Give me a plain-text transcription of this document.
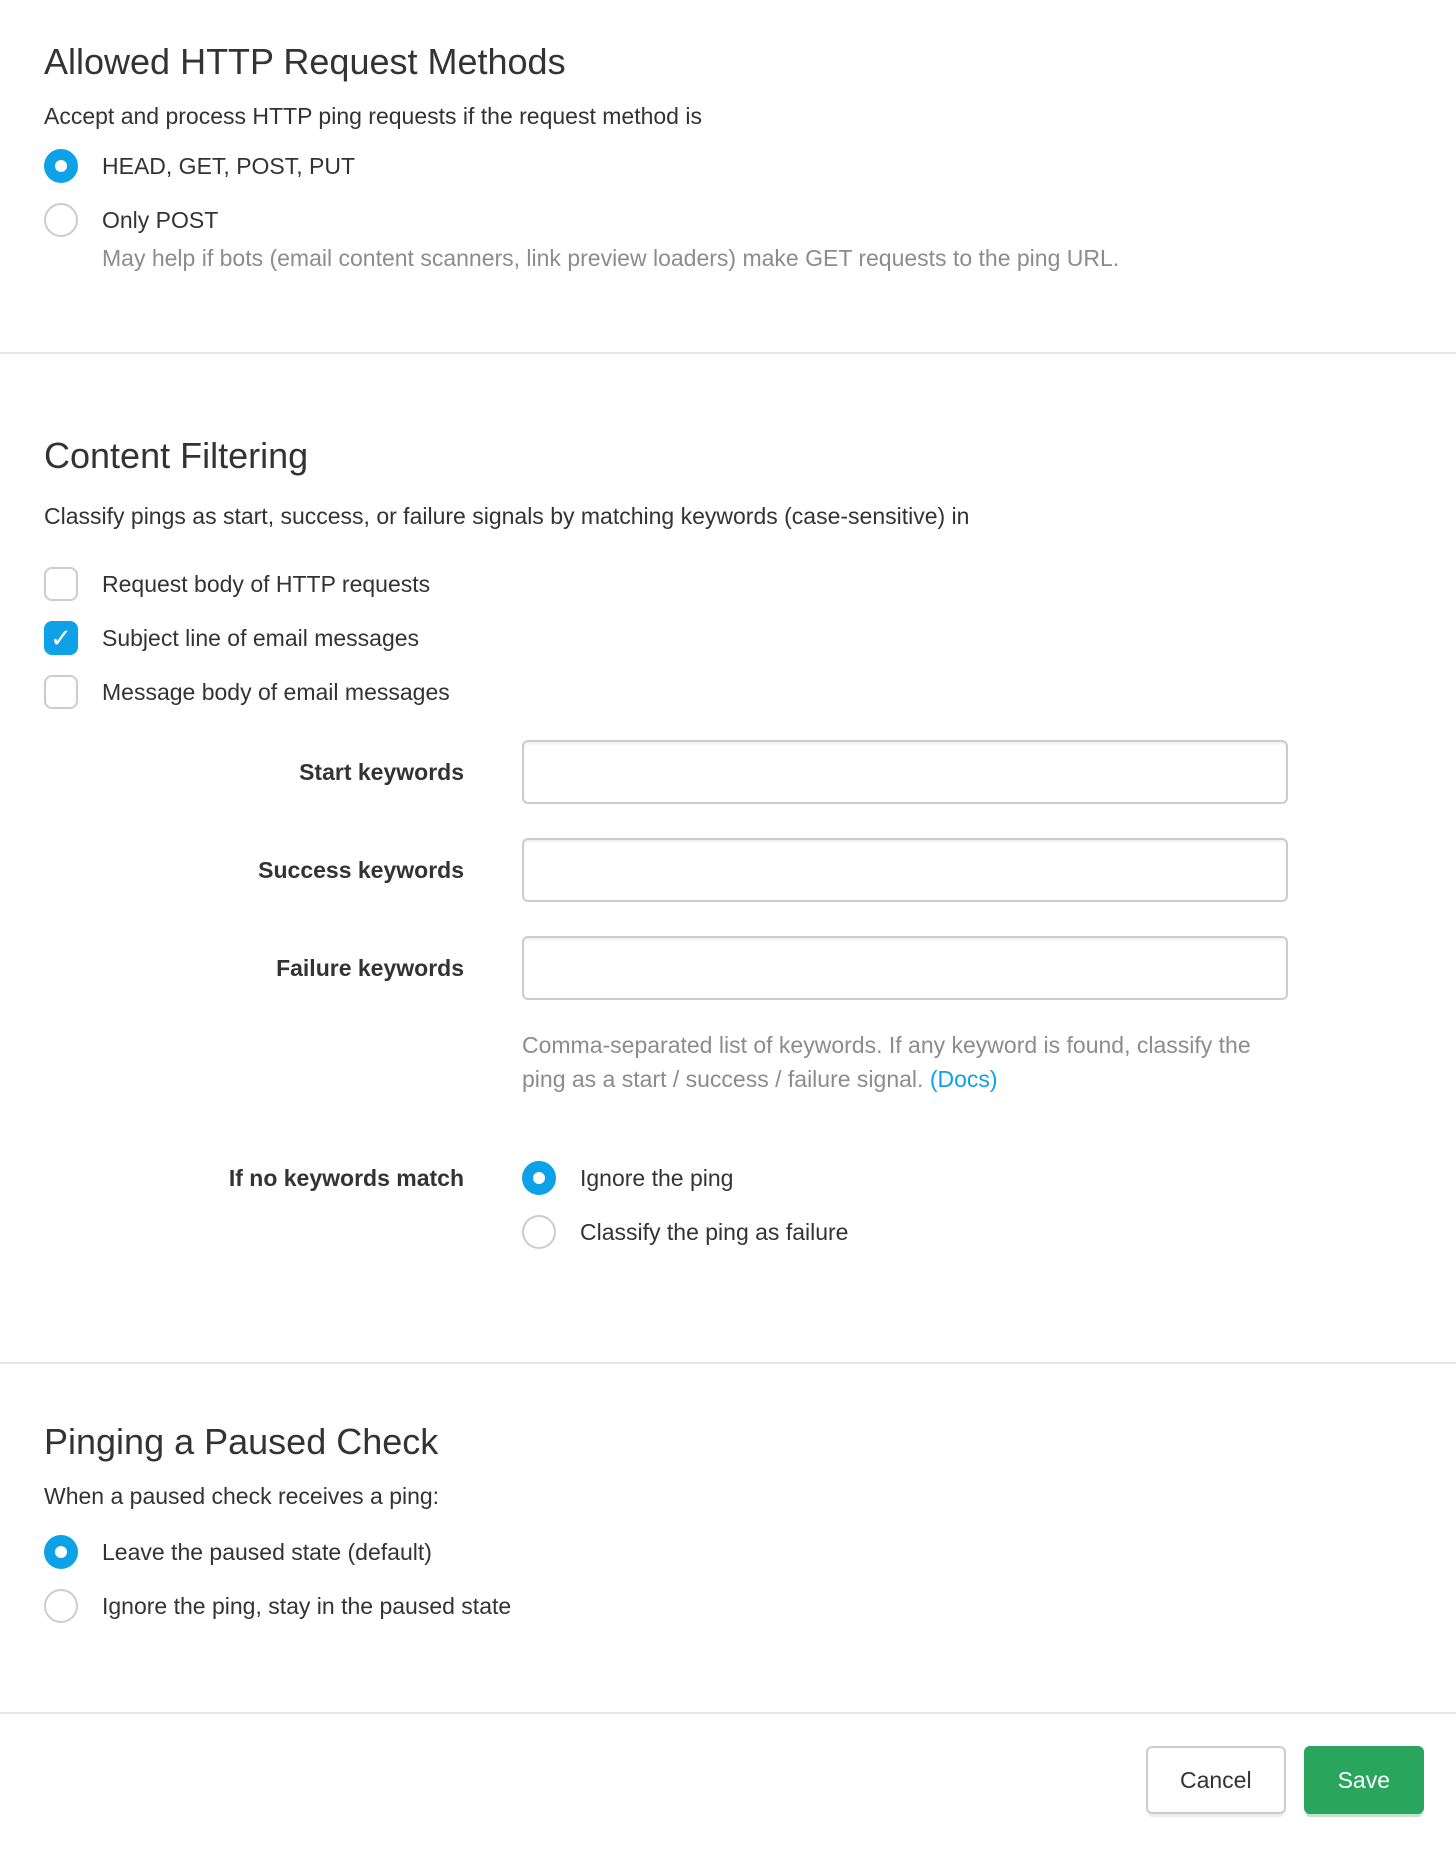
Allowed HTTP Request Methods

Accept and process HTTP ping requests if the request method is

HEAD, GET, POST, PUT
Only POST

May help if bots (email content scanners, link preview loaders) make GET requests to the ping URL.

Content Filtering

Classify pings as start, success, or failure signals by matching keywords (case-sensitive) in

Request body of HTTP requests
✓
Subject line of email messages
Message body of email messages
Start keywords
Success keywords
Failure keywords
Comma-separated list of keywords. If any keyword is found, classify the ping as a start / success / failure signal. (Docs)
If no keywords match	Ignore the ping
Classify the ping as failure
Pinging a Paused Check

When a paused check receives a ping:

Leave the paused state (default)
Ignore the ping, stay in the paused state
Cancel	Save
